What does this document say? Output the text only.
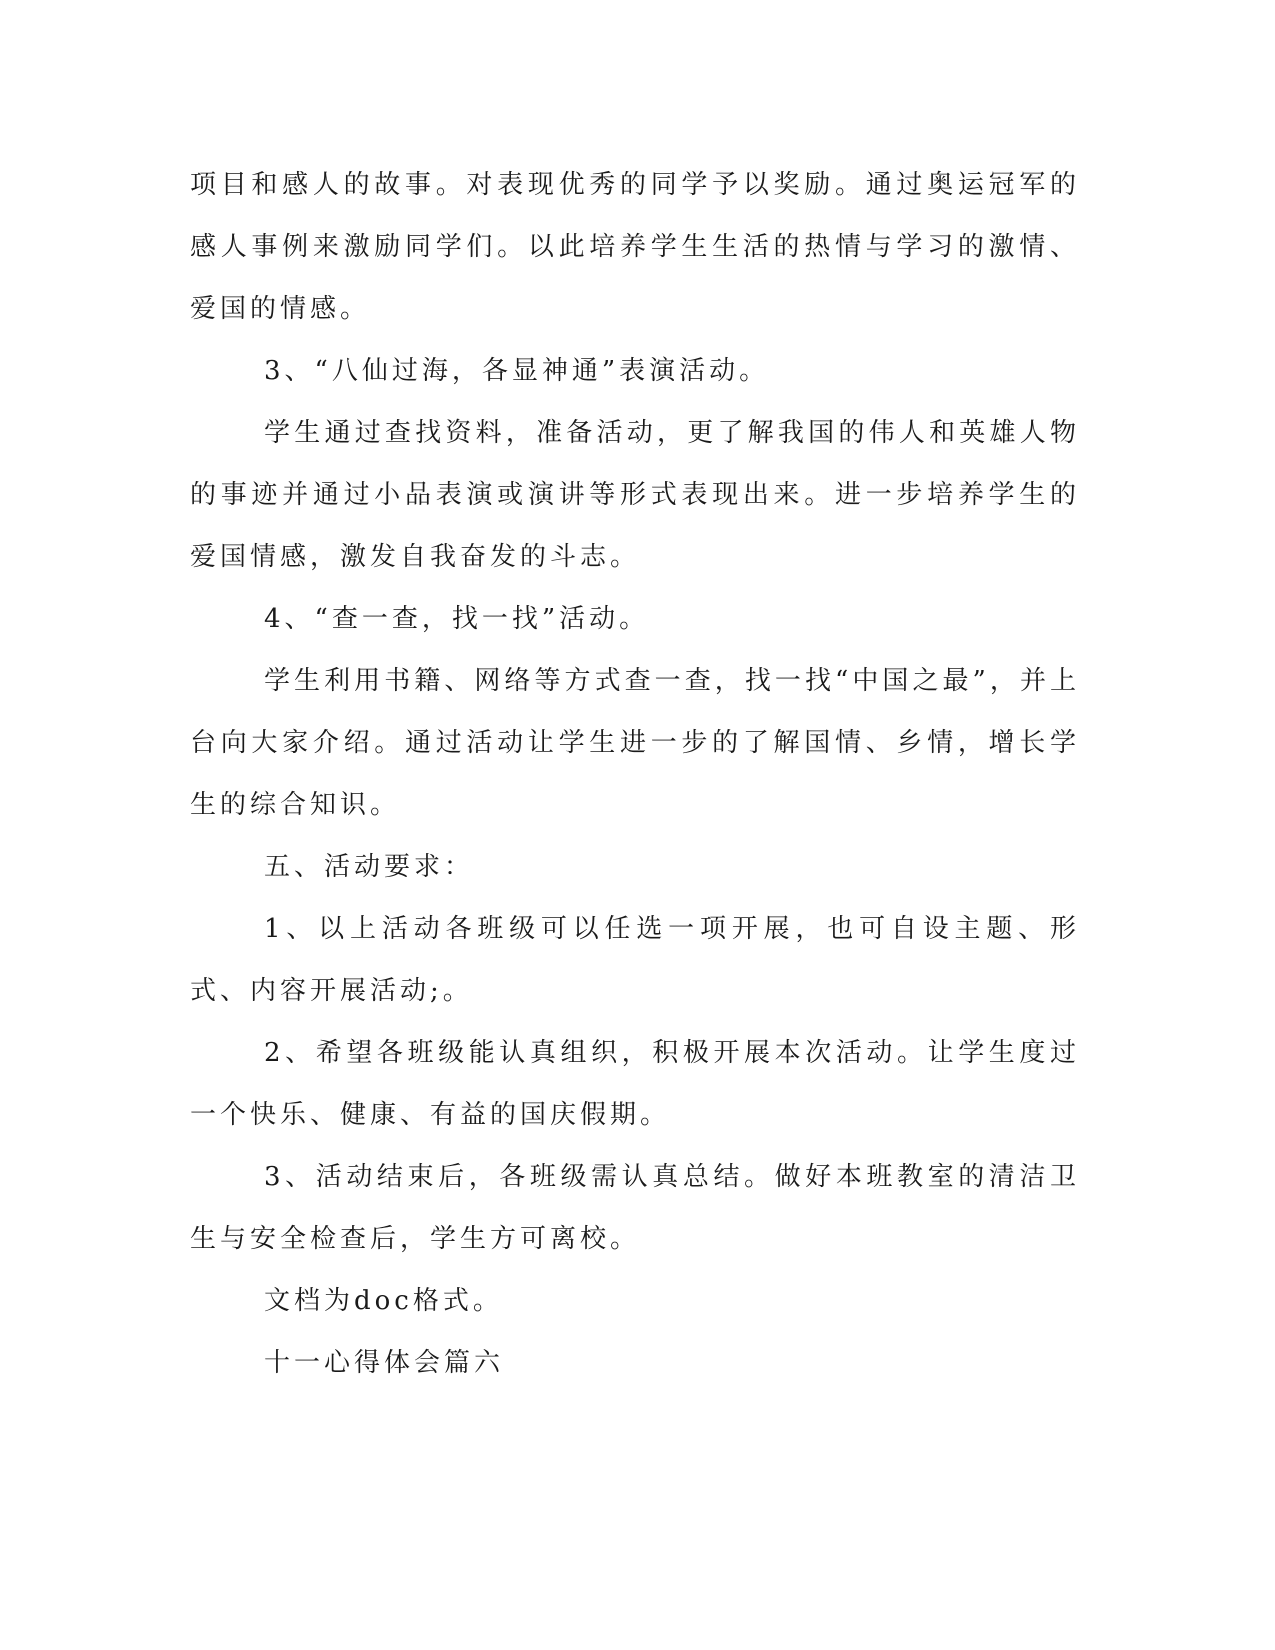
项目和感人的故事。对表现优秀的同学予以奖励。通过奥运冠军的感人事例来激励同学们。以此培养学生生活的热情与学习的激情、爱国的情感。

3、“八仙过海，各显神通”表演活动。

学生通过查找资料，准备活动，更了解我国的伟人和英雄人物的事迹并通过小品表演或演讲等形式表现出来。进一步培养学生的爱国情感，激发自我奋发的斗志。

4、“查一查，找一找”活动。

学生利用书籍、网络等方式查一查，找一找“中国之最”，并上台向大家介绍。通过活动让学生进一步的了解国情、乡情，增长学生的综合知识。

五、活动要求：

1、以上活动各班级可以任选一项开展，也可自设主题、形式、内容开展活动;。

2、希望各班级能认真组织，积极开展本次活动。让学生度过一个快乐、健康、有益的国庆假期。

3、活动结束后，各班级需认真总结。做好本班教室的清洁卫生与安全检查后，学生方可离校。

文档为doc格式。

十一心得体会篇六
